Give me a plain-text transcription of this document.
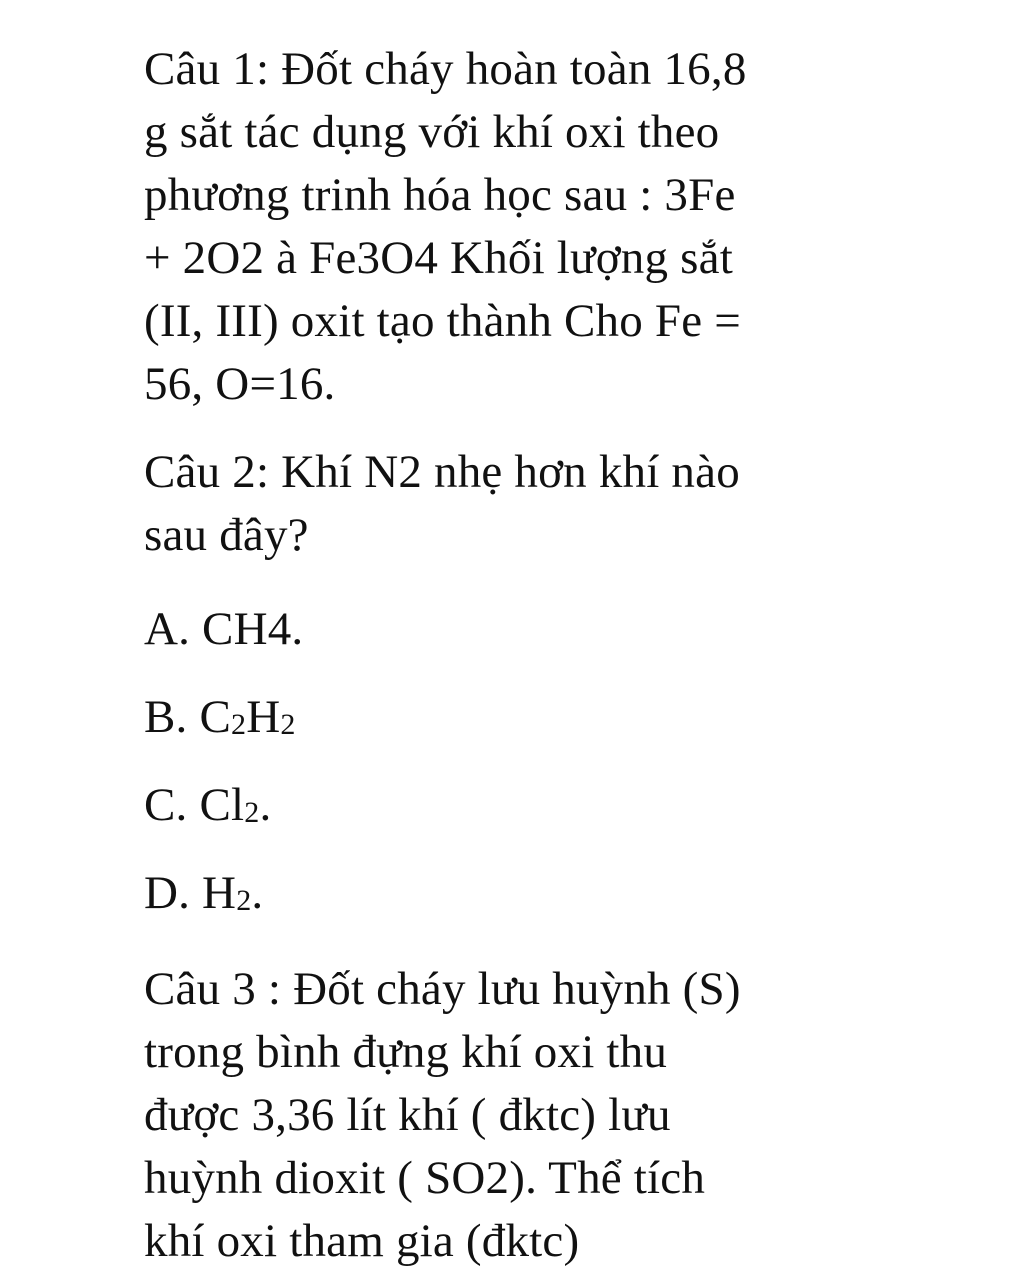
Câu 1: Đốt cháy hoàn toàn 16,8
g sắt tác dụng với khí oxi theo
phương trinh hóa học sau : 3Fe
+ 2O2 à Fe3O4 Khối lượng sắt
(II, III) oxit tạo thành Cho Fe =
56, O=16.
Câu 2: Khí N2 nhẹ hơn khí nào
sau đây?
A. CH4.
B. C2H2
C. Cl2.
D. H2.
Câu 3 : Đốt cháy lưu huỳnh (S)
trong bình đựng khí oxi thu
được 3,36 lít khí ( đktc) lưu
huỳnh dioxit ( SO2). Thể tích
khí oxi tham gia (đktc)
